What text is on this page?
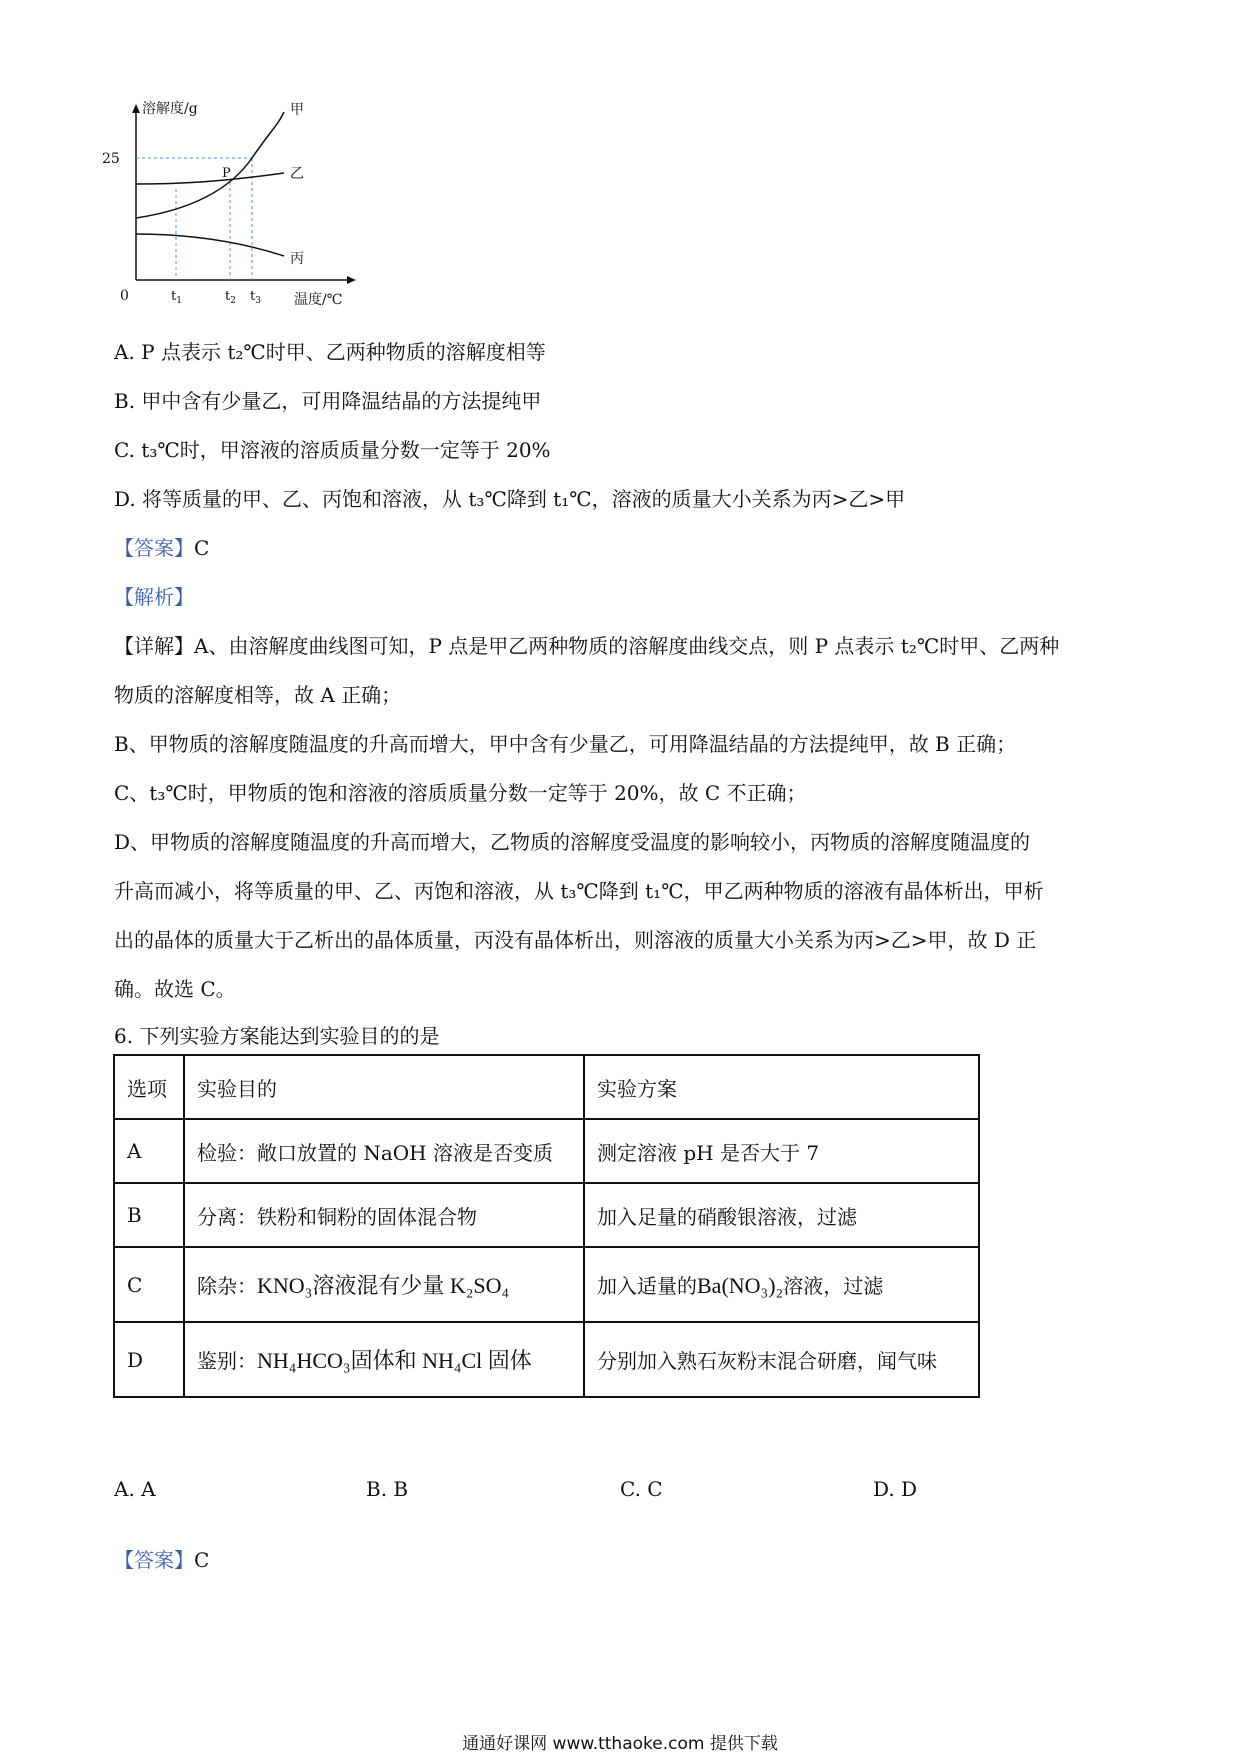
溶解度/g
25
P
甲
乙
丙
0	$t_1$	$t_2$ $t_3$ 温度/℃
A. P 点表示 t₂℃时甲、乙两种物质的溶解度相等
B. 甲中含有少量乙，可用降温结晶的方法提纯甲
C. t₃℃时，甲溶液的溶质质量分数一定等于 20%
D. 将等质量的甲、乙、丙饱和溶液，从 t₃℃降到 t₁℃，溶液的质量大小关系为丙>乙>甲
【答案】C
【解析】
【详解】A、由溶解度曲线图可知，P 点是甲乙两种物质的溶解度曲线交点，则 P 点表示 t₂℃时甲、乙两种
物质的溶解度相等，故 A 正确；
B、甲物质的溶解度随温度的升高而增大，甲中含有少量乙，可用降温结晶的方法提纯甲，故 B 正确；
C、t₃℃时，甲物质的饱和溶液的溶质质量分数一定等于 20%，故 C 不正确；
D、甲物质的溶解度随温度的升高而增大，乙物质的溶解度受温度的影响较小，丙物质的溶解度随温度的
升高而减小，将等质量的甲、乙、丙饱和溶液，从 t₃℃降到 t₁℃，甲乙两种物质的溶液有晶体析出，甲析
出的晶体的质量大于乙析出的晶体质量，丙没有晶体析出，则溶液的质量大小关系为丙>乙>甲，故 D 正
确。故选 C。
6. 下列实验方案能达到实验目的的是
选项	实验目的	实验方案
A	检验：敞口放置的 NaOH 溶液是否变质	测定溶液 pH 是否大于 7
B	分离：铁粉和铜粉的固体混合物	加入足量的硝酸银溶液，过滤
C	除杂：KNO₃溶液混有少量 K₂SO₄	加入适量的Ba(NO₃)₂溶液，过滤
D	鉴别：NH₄HCO₃固体和 NH₄Cl 固体	分别加入熟石灰粉末混合研磨，闻气味
A. A	B. B	C. C	D. D
【答案】C
通通好课网 www.tthaoke.com 提供下载
